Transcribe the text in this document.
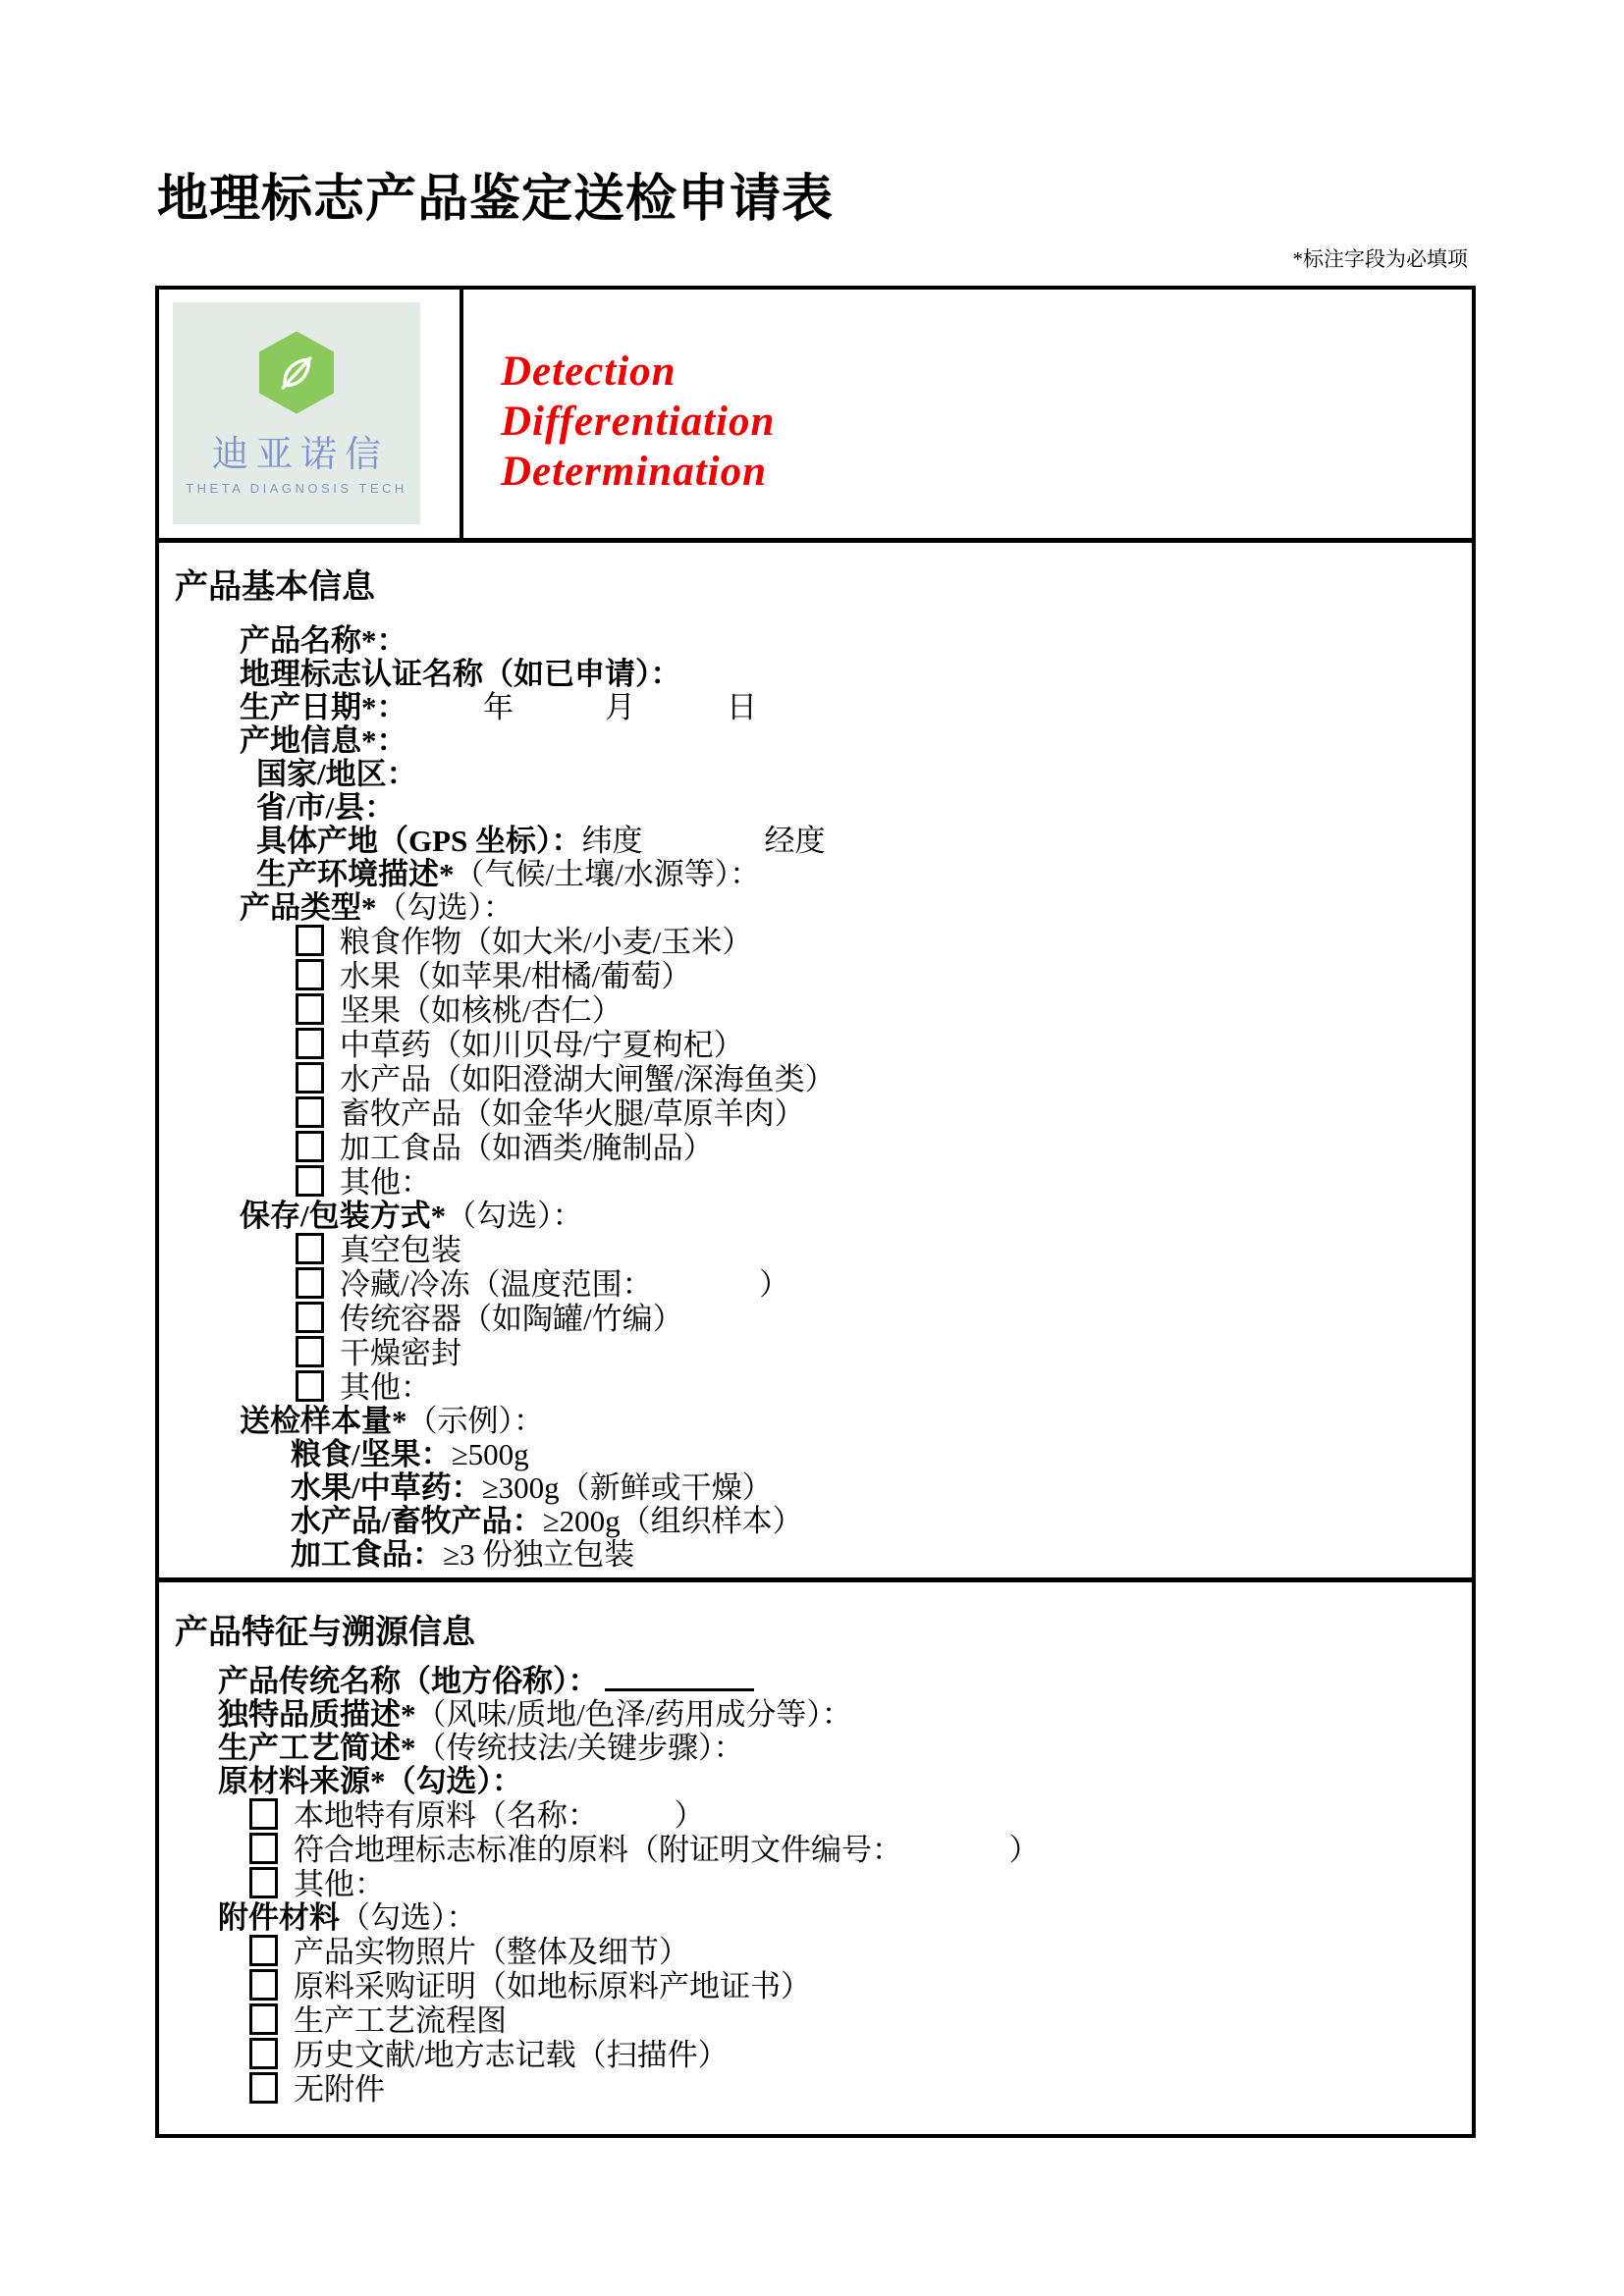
地理标志产品鉴定送检申请表
*标注字段为必填项
迪亚诺信
THETA DIAGNOSIS TECH
Detection
Differentiation
Determination
产品基本信息
产品名称*：
地理标志认证名称（如已申请）：
生产日期*：　　　年　　　月　　　日
产地信息*：
国家/地区：
省/市/县：
具体产地（GPS 坐标）：纬度　　　　经度
生产环境描述*（气候/土壤/水源等）：
产品类型*（勾选）：
粮食作物（如大米/小麦/玉米）
水果（如苹果/柑橘/葡萄）
坚果（如核桃/杏仁）
中草药（如川贝母/宁夏枸杞）
水产品（如阳澄湖大闸蟹/深海鱼类）
畜牧产品（如金华火腿/草原羊肉）
加工食品（如酒类/腌制品）
其他：
保存/包装方式*（勾选）：
真空包装
冷藏/冷冻（温度范围：　　　　）
传统容器（如陶罐/竹编）
干燥密封
其他：
送检样本量*（示例）：
粮食/坚果：≥500g
水果/中草药：≥300g（新鲜或干燥）
水产品/畜牧产品：≥200g（组织样本）
加工食品：≥3 份独立包装
产品特征与溯源信息
产品传统名称（地方俗称）：
独特品质描述*（风味/质地/色泽/药用成分等）：
生产工艺简述*（传统技法/关键步骤）：
原材料来源*（勾选）：
本地特有原料（名称：　　　）
符合地理标志标准的原料（附证明文件编号：　　　　）
其他：
附件材料（勾选）：
产品实物照片（整体及细节）
原料采购证明（如地标原料产地证书）
生产工艺流程图
历史文献/地方志记载（扫描件）
无附件
